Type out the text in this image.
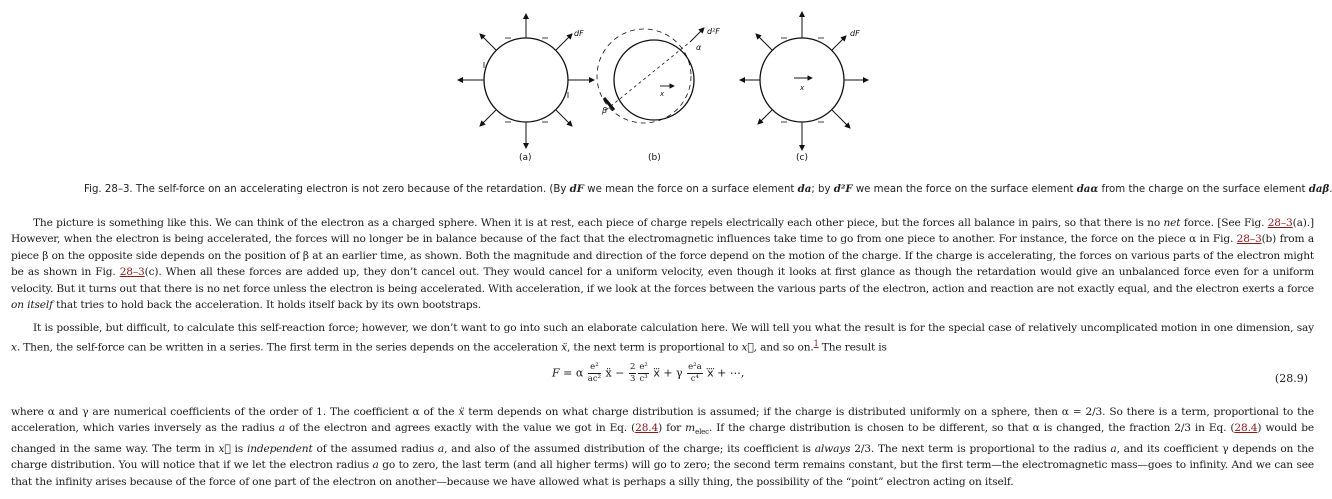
dF
(a)
d²F
α
β
x
(b)
x
dF
(c)
Fig. 28–3. The self-force on an accelerating electron is not zero because of the retardation. (By dF we mean the force on a surface element da; by d²F we mean the force on the surface element daα from the charge on the surface element daβ
The picture is something like this. We can think of the electron as a charged sphere. When it is at rest, each piece of charge repels electrically each other piece, but the forces all balance in pairs, so that there is no net force. [See Fig. 28–3(a).] However, when the electron is being accelerated, the forces will no longer be in balance because of the fact that the electromagnetic influences take time to go from one piece to another. For instance, the force on the piece α in Fig. 28–3(b) from a piece β on the opposite side depends on the position of β at an earlier time, as shown. Both the magnitude and direction of the force depend on the motion of the charge. If the charge is accelerating, the forces on various parts of the electron might be as shown in Fig. 28–3(c). When all these forces are added up, they don’t cancel out. They would cancel for a uniform velocity, even though it looks at first glance as though the retardation would give an unbalanced force even for a uniform velocity. But it turns out that there is no net force unless the electron is being accelerated. With acceleration, if we look at the forces between the various parts of the electron, action and reaction are not exactly equal, and the electron exerts a force on itself that tries to hold back the acceleration. It holds itself back by its own bootstraps.
It is possible, but difficult, to calculate this self-reaction force; however, we don’t want to go into such an elaborate calculation here. We will tell you what the result is for the special case of relatively uncomplicated motion in one dimension, say x. Then, the self-force can be written in a series. The first term in the series depends on the acceleration ẍ, the next term is proportional to x⃛, and so on.$^1$ The result is
F = α $\frac{\text{e²}}{\text{ac²}}$ ẍ − $\frac{2}{3} \frac{\text{e²}}{\text{c³}}$ x⃛ + γ $\frac{\text{e²a}}{\text{c⁴}}$ x⃜ + ⋯,	(28.9)
where α and γ are numerical coefficients of the order of 1. The coefficient α of the ẍ term depends on what charge distribution is assumed; if the charge is distributed uniformly on a sphere, then α = 2/3. So there is a term, proportional to the acceleration, which varies inversely as the radius a of the electron and agrees exactly with the value we got in Eq. (28.4) for $m_{elec}$. If the charge distribution is chosen to be different, so that α is changed, the fraction 2/3 in Eq. (28.4) would be changed in the same way. The term in x⃛ is independent of the assumed radius a, and also of the assumed distribution of the charge; its coefficient is always 2/3. The next term is proportional to the radius a, and its coefficient γ depends on the charge distribution. You will notice that if we let the electron radius a go to zero, the last term (and all higher terms) will go to zero; the second term remains constant, but the first term—the electromagnetic mass—goes to infinity. And we can see that the infinity arises because of the force of one part of the electron on another—because we have allowed what is perhaps a silly thing, the possibility of the “point” electron acting on itself.
